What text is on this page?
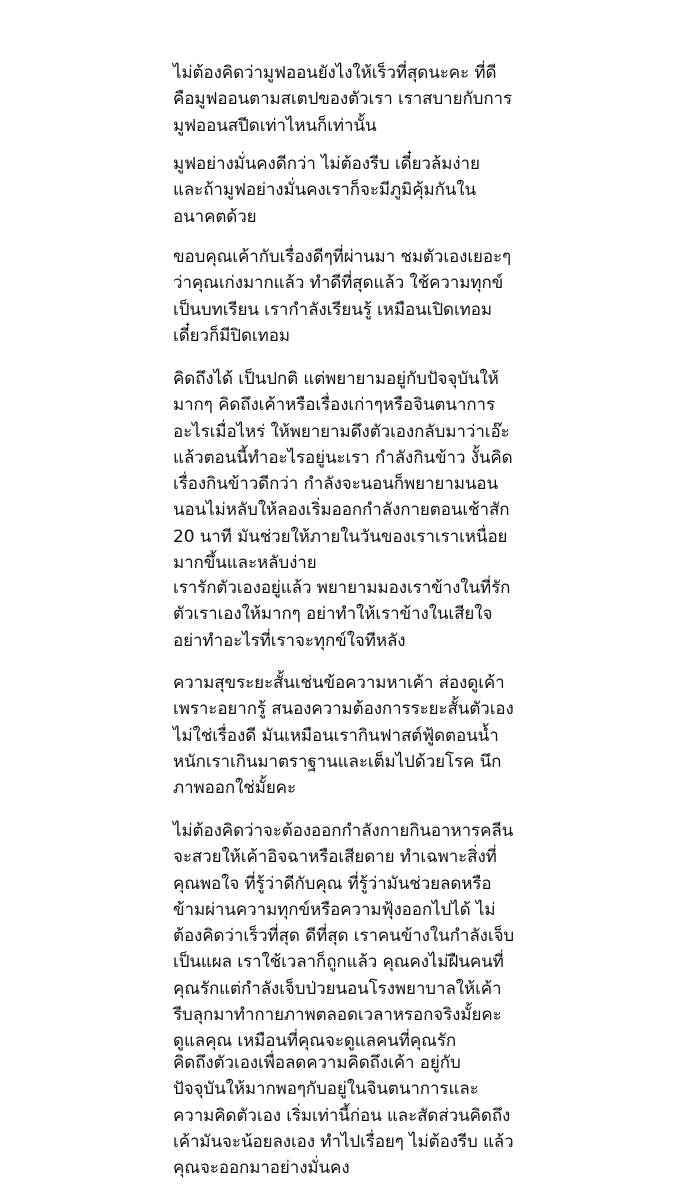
ไม่ต้องคิดว่ามูฟออนยังไงให้เร็วที่สุดนะคะ ที่ดี
คือมูฟออนตามสเตปของตัวเรา เราสบายกับการ
มูฟออนสปีดเท่าไหนก็เท่านั้น
มูฟอย่างมั่นคงดีกว่า ไม่ต้องรีบ เดี๋ยวล้มง่าย
และถ้ามูฟอย่างมั่นคงเราก็จะมีภูมิคุ้มกันใน
อนาคตด้วย
ขอบคุณเค้ากับเรื่องดีๆที่ผ่านมา ชมตัวเองเยอะๆ
ว่าคุณเก่งมากแล้ว ทำดีที่สุดแล้ว ใช้ความทุกข์
เป็นบทเรียน เรากำลังเรียนรู้ เหมือนเปิดเทอม
เดี๋ยวก็มีปิดเทอม
คิดถึงได้ เป็นปกติ แต่พยายามอยู่กับปัจจุบันให้
มากๆ คิดถึงเค้าหรือเรื่องเก่าๆหรือจินตนาการ
อะไรเมื่อไหร่ ให้พยายามดึงตัวเองกลับมาว่าเอ๊ะ
แล้วตอนนี้ทำอะไรอยู่นะเรา กำลังกินข้าว งั้นคิด
เรื่องกินข้าวดีกว่า กำลังจะนอนก็พยายามนอน
นอนไม่หลับให้ลองเริ่มออกกำลังกายตอนเช้าสัก
20 นาที มันช่วยให้ภายในวันของเราเราเหนื่อย
มากขึ้นและหลับง่าย
เรารักตัวเองอยู่แล้ว พยายามมองเราข้างในที่รัก
ตัวเราเองให้มากๆ อย่าทำให้เราข้างในเสียใจ
อย่าทำอะไรที่เราจะทุกข์ใจทีหลัง
ความสุขระยะสั้นเช่นข้อความหาเค้า ส่องดูเค้า
เพราะอยากรู้ สนองความต้องการระยะสั้นตัวเอง
ไม่ใช่เรื่องดี มันเหมือนเรากินฟาสต์ฟู้ดตอนน้ำ
หนักเราเกินมาตราฐานและเต็มไปด้วยโรค นึก
ภาพออกใช่มั้ยคะ
ไม่ต้องคิดว่าจะต้องออกกำลังกายกินอาหารคลีน
จะสวยให้เค้าอิจฉาหรือเสียดาย ทำเฉพาะสิ่งที่
คุณพอใจ ที่รู้ว่าดีกับคุณ ที่รู้ว่ามันช่วยลดหรือ
ข้ามผ่านความทุกข์หรือความฟุ้งออกไปได้ ไม่
ต้องคิดว่าเร็วที่สุด ดีที่สุด เราคนข้างในกำลังเจ็บ
เป็นแผล เราใช้เวลาก็ถูกแล้ว คุณคงไม่ฝืนคนที่
คุณรักแต่กำลังเจ็บป่วยนอนโรงพยาบาลให้เค้า
รีบลุกมาทำกายภาพตลอดเวลาหรอกจริงมั้ยคะ
ดูแลคุณ เหมือนที่คุณจะดูแลคนที่คุณรัก
คิดถึงตัวเองเพื่อลดความคิดถึงเค้า อยู่กับ
ปัจจุบันให้มากพอๆกับอยู่ในจินตนาการและ
ความคิดตัวเอง เริ่มเท่านี้ก่อน และสัดส่วนคิดถึง
เค้ามันจะน้อยลงเอง ทำไปเรื่อยๆ ไม่ต้องรีบ แล้ว
คุณจะออกมาอย่างมั่นคง
